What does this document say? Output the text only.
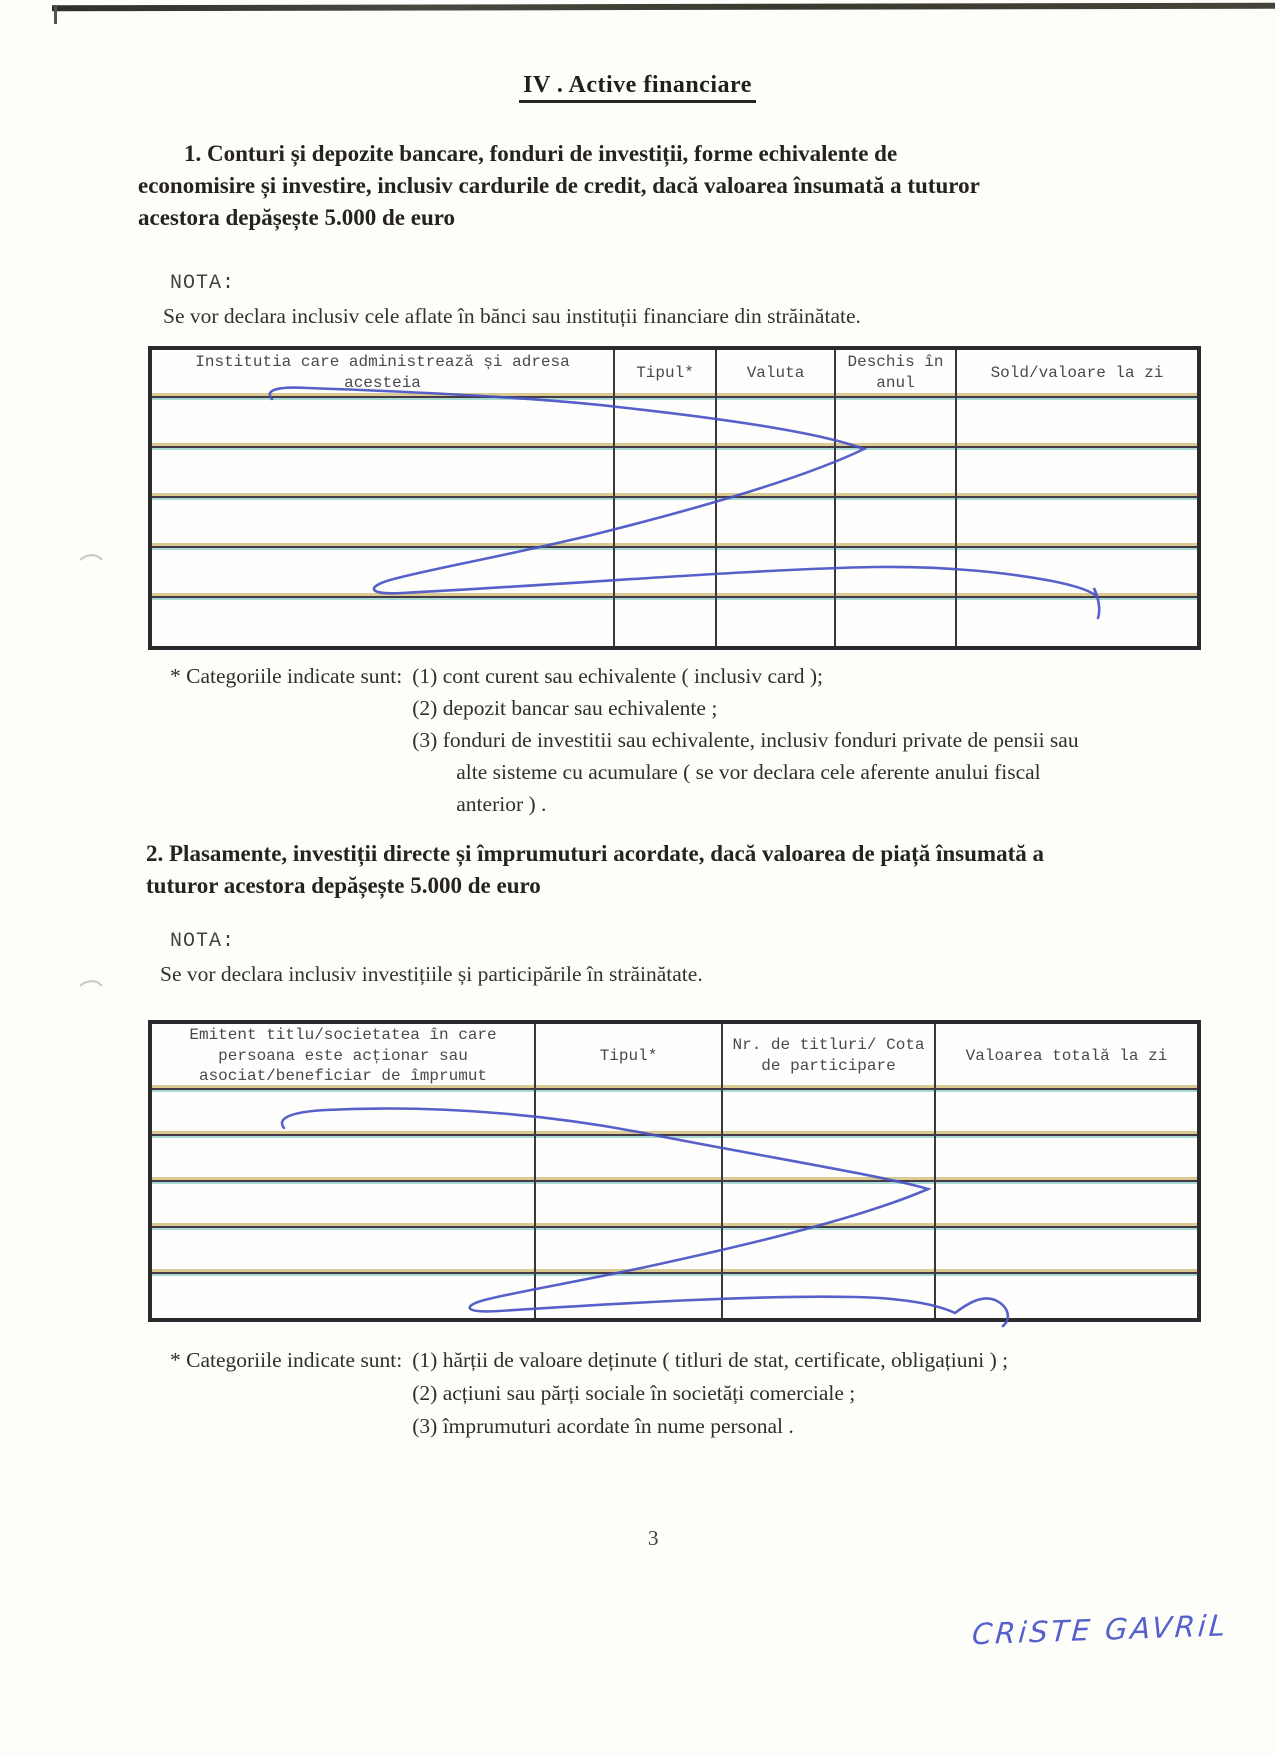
IV . Active financiare
1. Conturi și depozite bancare, fonduri de investiții, forme echivalente de economisire și investire, inclusiv cardurile de credit, dacă valoarea însumată a tuturor acestora depășește 5.000 de euro
NOTA:
Se vor declara inclusiv cele aflate în bănci sau instituții financiare din străinătate.
Institutia care administrează și adresa acesteia
Tipul*	Valuta
Deschis în anul
Sold/valoare la zi
* Categoriile indicate sunt: (1) cont curent sau echivalente ( inclusiv card );
(2) depozit bancar sau echivalente ;
(3) fonduri de investitii sau echivalente, inclusiv fonduri private de pensii sau alte sisteme cu acumulare ( se vor declara cele aferente anului fiscal anterior ) .
2. Plasamente, investiții directe și împrumuturi acordate, dacă valoarea de piață însumată a tuturor acestora depășește 5.000 de euro
NOTA:
Se vor declara inclusiv investițiile și participările în străinătate.
Emitent titlu/societatea în care persoana este acționar sau asociat/beneficiar de împrumut
Tipul*
Nr. de titluri/ Cota de participare
Valoarea totală la zi
* Categoriile indicate sunt: (1) hărții de valoare deținute ( titluri de stat, certificate, obligațiuni ) ;
(2) acțiuni sau părți sociale în societăți comerciale ;
(3) împrumuturi acordate în nume personal .
3
CRiSTE GAVRiL
